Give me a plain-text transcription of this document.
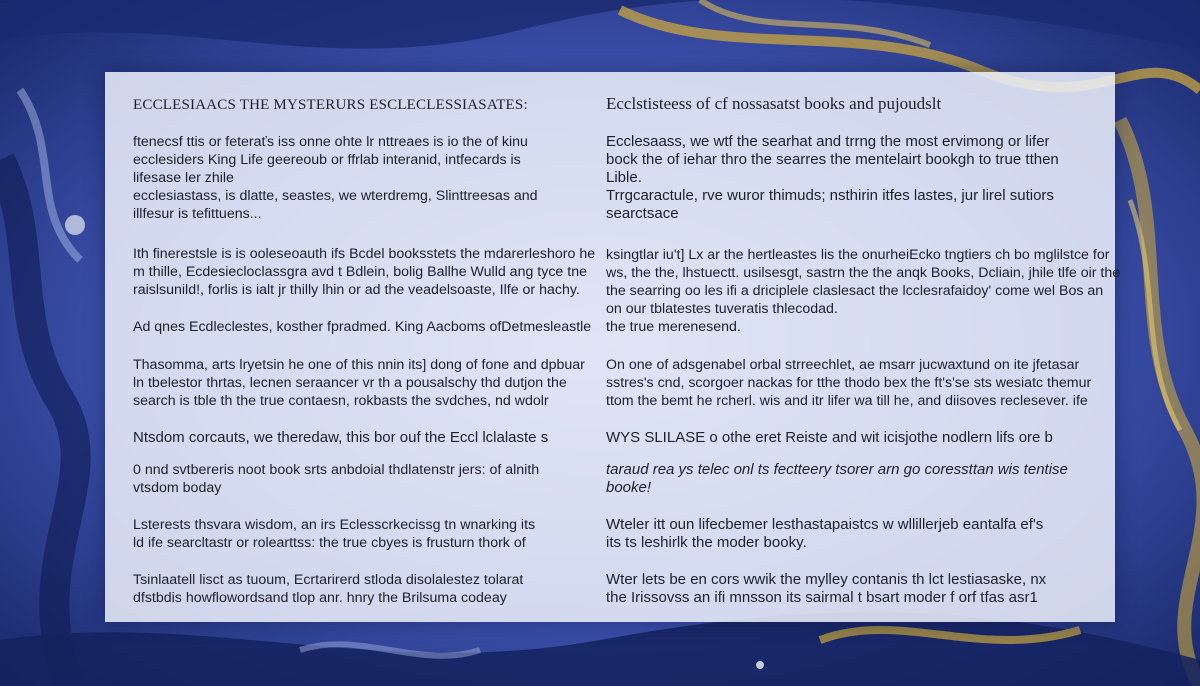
ECCLESIAACS THE MYSTERURS ESCLECLESSIASATES:
ftenecsf ttis or feteraťs iss onne ohte lr nttreaes is io the of kinu
ecclesiders King Life geereoub or ffrlab interanid, intfecards is
lifesase ler zhile
ecclesiastass, is dlatte, seastes, we wterdremg, Slinttreesas and
illfesur is tefittuens...
Ith finerestsle is is ooleseoauth ifs Bcdel booksstets the mdarerleshoro he
m thille, Ecdesiecloclassgra avd t Bdlein, bolig Ballhe Wulld ang tyce tne
raislsunild!, forlis is ialt jr thilly lhin or ad the veadelsoaste, Ilfe or hachy.
Ad qnes Ecdleclestes, kosther fpradmed. King Aacboms ofDetmesleastle
Thasomma, arts lryetsin he one of this nnin its] dong of fone and dpbuar
ln tbelestor thrtas, lecnen seraancer vr th a pousalschy thd dutjon the
search is tble th the true contaesn, rokbasts the svdches, nd wdolr
Ntsdom corcauts, we theredaw, this bor ouf the Eccl lclalaste s
0 nnd svtbereris noot book srts anbdoial thdlatenstr jers: of alnith
vtsdom boday
Lsterests thsvara wisdom, an irs Eclesscrkecissg tn wnarking its
ld ife searcltastr or rolearttss: the true cbyes is frusturn thork of
Tsinlaatell lisct as tuoum, Ecrtarirerd stloda disolalestez tolarat
dfstbdis howflowordsand tlop anr. hnry the Brilsuma codeay
Ecclstisteess of cf nossasatst books and pujoudslt
Ecclesaass, we wtf the searhat and trrng the most ervimong or lifer
bock the of iehar thro the searres the mentelairt bookgh to true tthen
Lible.
Trrgcaractule, rve wuror thimuds; nsthirin itfes lastes, jur lirel sutiors
searctsace
ksingtlar iu't] Lx ar the hertleastes lis the onurheiEcko tngtiers ch bo mglilstce for
ws, the the, lhstuectt. usilsesgt, sastrn the the anqk Books, Dcliain, jhile tlfe oir the
the searring oo les ifi a driciplele claslesact the lcclesrafaidoy' come wel Bos an
on our tblatestes tuveratis thlecodad.
the true merenesend.
On one of adsgenabel orbal strreechlet, ae msarr jucwaxtund on ite jfetasar
sstres's cnd, scorgoer nackas for tthe thodo bex the ft's'se sts wesiatc themur
ttom the bemt he rcherl. wis and itr lifer wa till he, and diisoves reclesever. ife
WYS SLILASE o othe eret Reiste and wit icisjothe nodlern lifs ore b
taraud rea ys telec onl ts fectteery tsorer arn go coressttan wis tentise
booke!
Wteler itt oun lifecbemer lesthastapaistcs w wllillerjeb eantalfa ef's
its ts leshirlk the moder booky.
Wter lets be en cors wwik the mylley contanis th lct lestiasaske, nx
the Irissovss an ifi mnsson its sairmal t bsart moder f orf tfas asr1
